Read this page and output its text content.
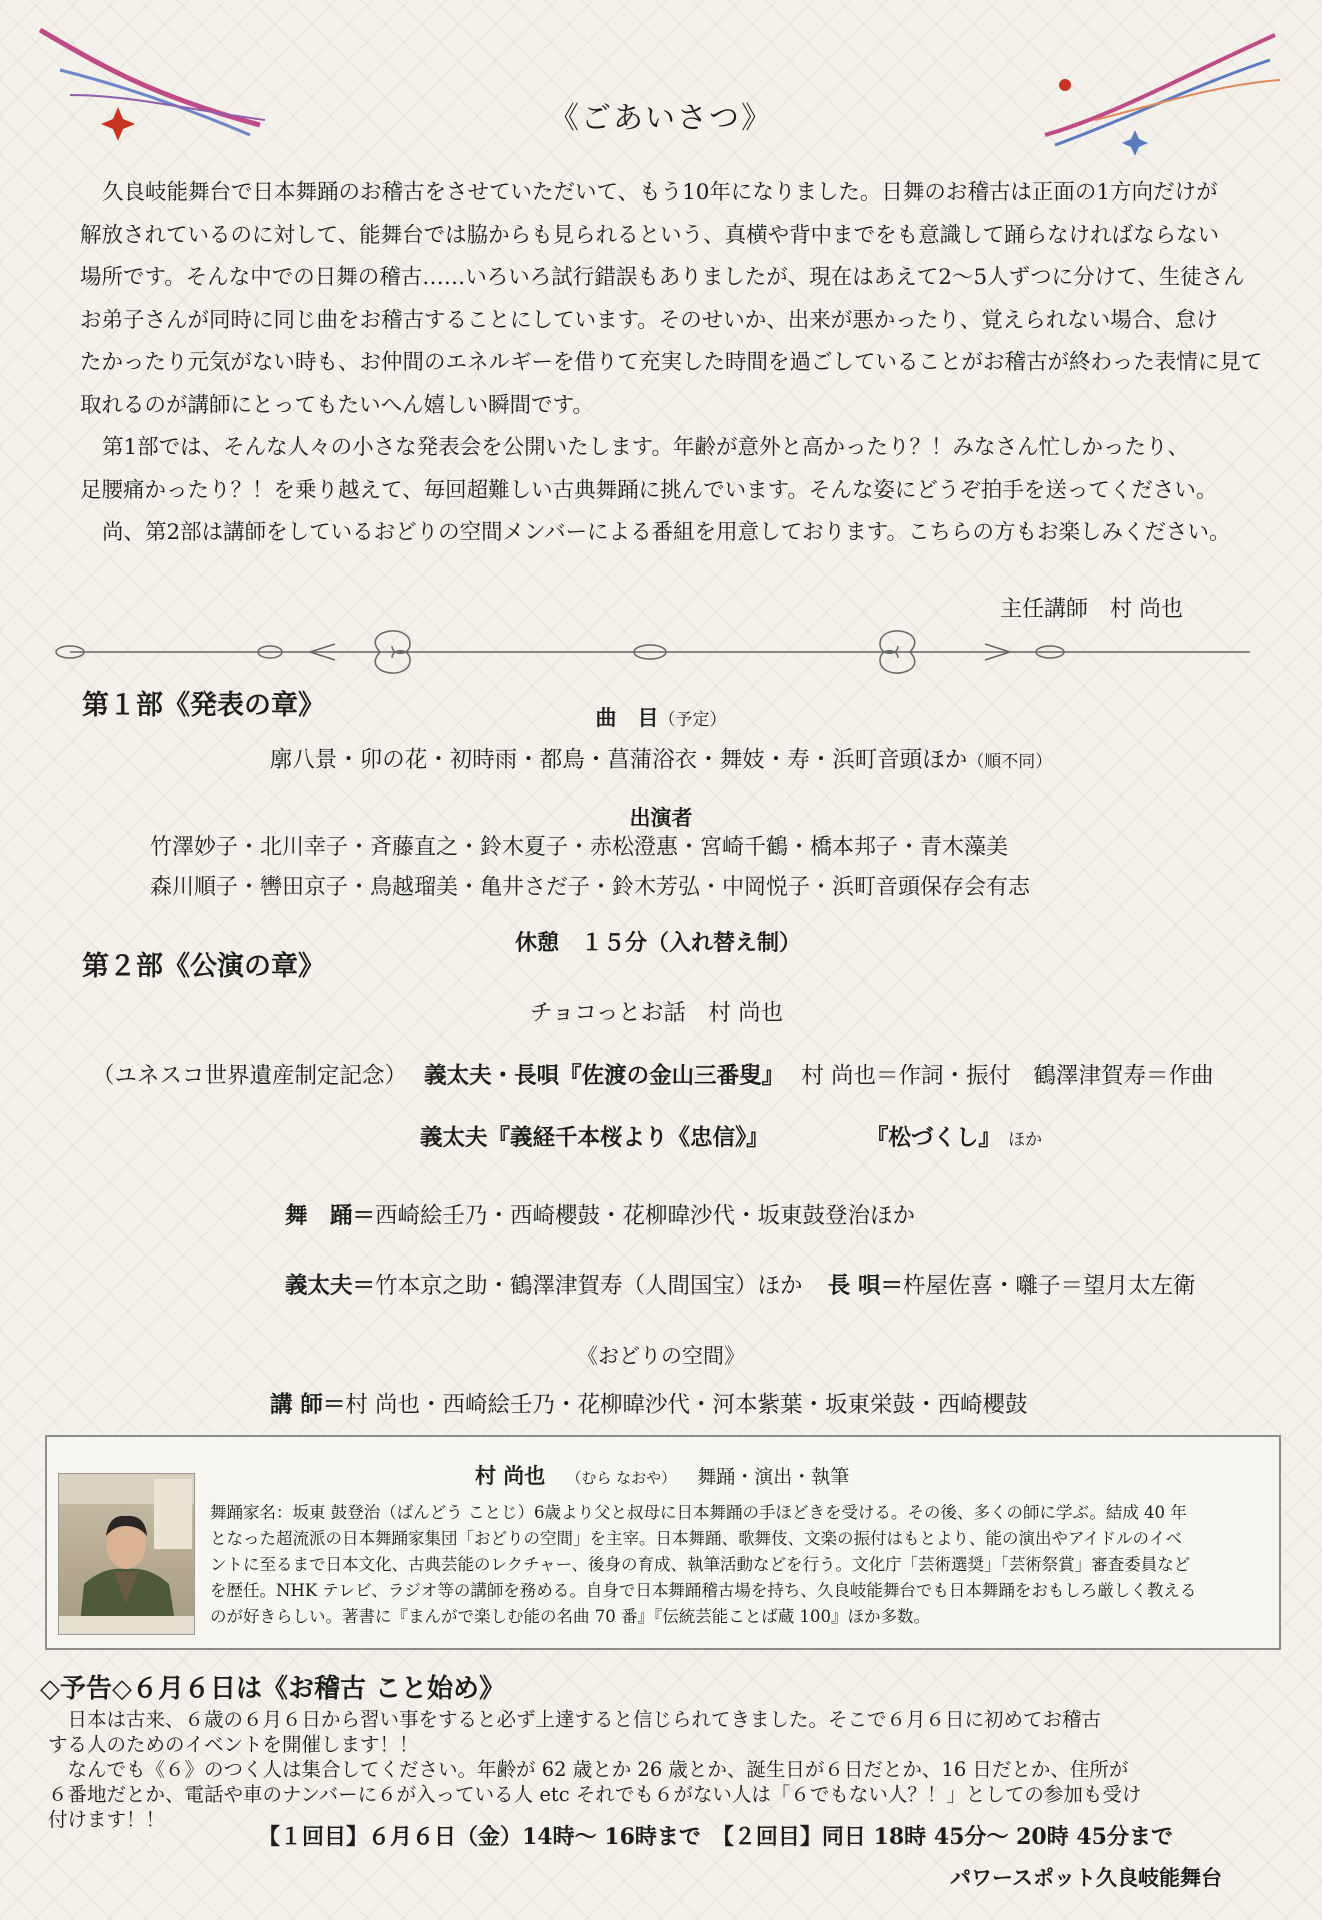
《ごあいさつ》
久良岐能舞台で日本舞踊のお稽古をさせていただいて、もう10年になりました。日舞のお稽古は正面の1方向だけが
解放されているのに対して、能舞台では脇からも見られるという、真横や背中までをも意識して踊らなければならない
場所です。そんな中での日舞の稽古……いろいろ試行錯誤もありましたが、現在はあえて2～5人ずつに分けて、生徒さん
お弟子さんが同時に同じ曲をお稽古することにしています。そのせいか、出来が悪かったり、覚えられない場合、怠け
たかったり元気がない時も、お仲間のエネルギーを借りて充実した時間を過ごしていることがお稽古が終わった表情に見て
取れるのが講師にとってもたいへん嬉しい瞬間です。
第1部では、そんな人々の小さな発表会を公開いたします。年齢が意外と高かったり？！みなさん忙しかったり、
足腰痛かったり？！を乗り越えて、毎回超難しい古典舞踊に挑んでいます。そんな姿にどうぞ拍手を送ってください。
尚、第2部は講師をしているおどりの空間メンバーによる番組を用意しております。こちらの方もお楽しみください。
主任講師　村 尚也
第１部《発表の章》	曲　目（予定）
廓八景・卯の花・初時雨・都鳥・菖蒲浴衣・舞妓・寿・浜町音頭ほか（順不同）
出演者
竹澤妙子・北川幸子・斉藤直之・鈴木夏子・赤松澄惠・宮崎千鶴・橋本邦子・青木藻美
森川順子・轡田京子・鳥越瑠美・亀井さだ子・鈴木芳弘・中岡悦子・浜町音頭保存会有志
休憩　１５分（入れ替え制）
第２部《公演の章》
チョコっとお話　村 尚也
（ユネスコ世界遺産制定記念） 義太夫・長唄『佐渡の金山三番叟』 村 尚也＝作詞・振付　鶴澤津賀寿＝作曲
義太夫『義経千本桜より《忠信》』	『松づくし』 ほか
舞　踊＝西崎絵壬乃・西崎櫻鼓・花柳暐沙代・坂東鼓登治ほか
義太夫＝竹本京之助・鶴澤津賀寿（人間国宝）ほか 長 唄＝杵屋佐喜・囃子＝望月太左衛
《おどりの空間》
講 師＝村 尚也・西崎絵壬乃・花柳暐沙代・河本紫葉・坂東栄鼓・西崎櫻鼓
村 尚也 （むら なおや） 舞踊・演出・執筆
舞踊家名：坂東 鼓登治（ばんどう ことじ）6歳より父と叔母に日本舞踊の手ほどきを受ける。その後、多くの師に学ぶ。結成 40 年
となった超流派の日本舞踊家集団「おどりの空間」を主宰。日本舞踊、歌舞伎、文楽の振付はもとより、能の演出やアイドルのイベ
ントに至るまで日本文化、古典芸能のレクチャー、後身の育成、執筆活動などを行う。文化庁「芸術選奨」「芸術祭賞」審査委員など
を歴任。NHK テレビ、ラジオ等の講師を務める。自身で日本舞踊稽古場を持ち、久良岐能舞台でも日本舞踊をおもしろ厳しく教える
のが好きらしい。著書に『まんがで楽しむ能の名曲 70 番』『伝統芸能ことば蔵 100』ほか多数。
◇予告◇６月６日は《お稽古 こと始め》
　日本は古来、６歳の６月６日から習い事をすると必ず上達すると信じられてきました。そこで６月６日に初めてお稽古
する人のためのイベントを開催します！！
　なんでも《６》のつく人は集合してください。年齢が 62 歳とか 26 歳とか、誕生日が６日だとか、16 日だとか、住所が
６番地だとか、電話や車のナンバーに６が入っている人 etc それでも６がない人は「６でもない人？！」としての参加も受け
付けます！！
【１回目】６月６日（金）14時～ 16時まで　【２回目】同日 18時 45分～ 20時 45分まで
パワースポット久良岐能舞台
